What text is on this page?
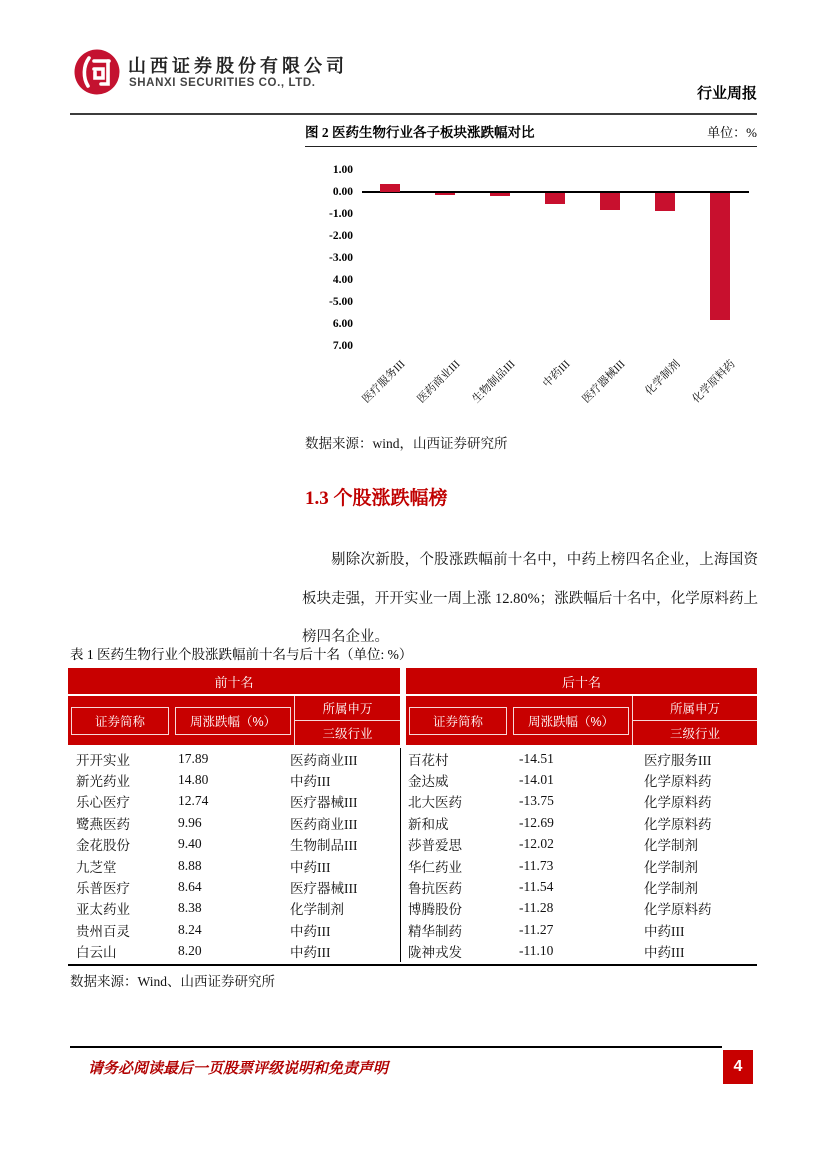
山西证券股份有限公司
SHANXI SECURITIES CO., LTD.
行业周报
图 2 医药生物行业各子板块涨跌幅对比	单位：%
1.00
0.00
-1.00
-2.00
-3.00
4.00
-5.00
6.00
7.00
医疗服务III 医药商业III 生物制品III 中药III 医疗器械III 化学制剂 化学原料药
数据来源：wind，山西证券研究所
1.3 个股涨跌幅榜
剔除次新股，个股涨跌幅前十名中，中药上榜四名企业，上海国资板块走强，开开实业一周上涨 12.80%；涨跌幅后十名中，化学原料药上榜四名企业。
表 1 医药生物行业个股涨跌幅前十名与后十名（单位: %）
前十名	后十名
证券简称	周涨跌幅（%）
所属申万
三级行业
证券简称	周涨跌幅（%）
所属申万
三级行业
开开实业	17.89	医药商业III	百花村	-14.51	医疗服务III
新光药业	14.80	中药III	金达威	-14.01	化学原料药
乐心医疗	12.74	医疗器械III	北大医药	-13.75	化学原料药
鹭燕医药	9.96	医药商业III	新和成	-12.69	化学原料药
金花股份	9.40	生物制品III	莎普爱思	-12.02	化学制剂
九芝堂	8.88	中药III	华仁药业	-11.73	化学制剂
乐普医疗	8.64	医疗器械III	鲁抗医药	-11.54	化学制剂
亚太药业	8.38	化学制剂	博腾股份	-11.28	化学原料药
贵州百灵	8.24	中药III	精华制药	-11.27	中药III
白云山	8.20	中药III	陇神戎发	-11.10	中药III
数据来源：Wind、山西证券研究所
请务必阅读最后一页股票评级说明和免责声明	4
